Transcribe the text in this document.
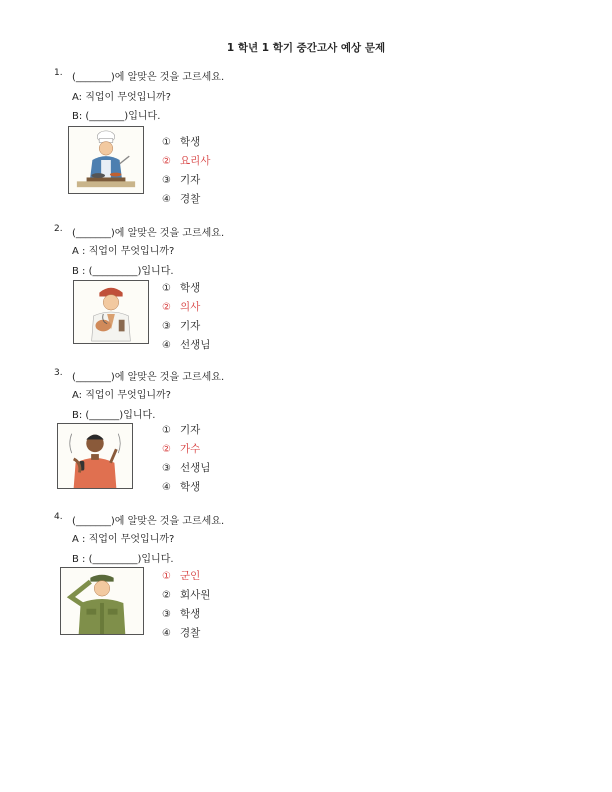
1 학년 1 학기 중간고사 예상 문제
1. (_______)에 알맞은 것을 고르세요.
A: 직업이 무엇입니까?
B: (_______)입니다.
① 학생
② 요리사
③ 기자
④ 경찰
2. (_______)에 알맞은 것을 고르세요.
A : 직업이 무엇입니까?
B : (_________)입니다.
① 학생
② 의사
③ 기자
④ 선생님
3. (_______)에 알맞은 것을 고르세요.
A: 직업이 무엇입니까?
B: (______)입니다.
① 기자
② 가수
③ 선생님
④ 학생
4. (_______)에 알맞은 것을 고르세요.
A : 직업이 무엇입니까?
B : (_________)입니다.
① 군인
② 회사원
③ 학생
④ 경찰
